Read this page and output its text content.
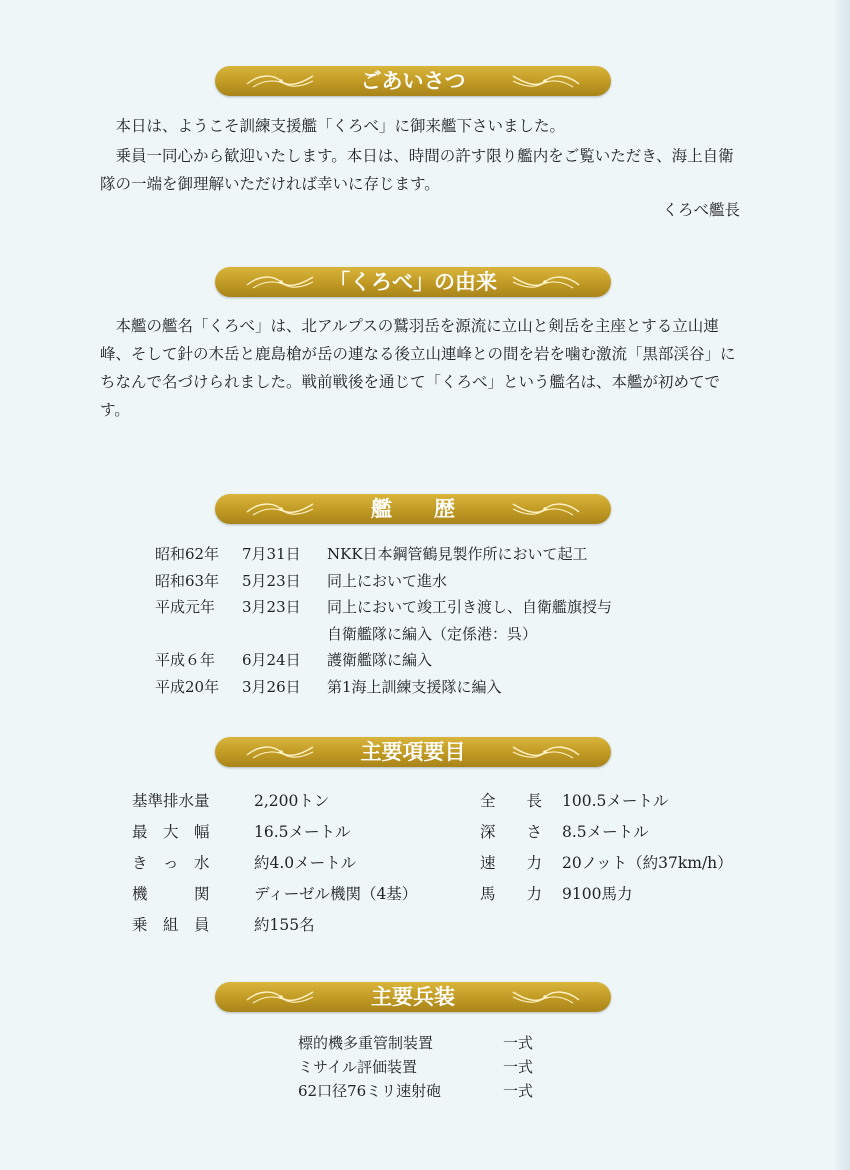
ごあいさつ

本日は、ようこそ訓練支援艦「くろべ」に御来艦下さいました。

乗員一同心から歓迎いたします。本日は、時間の許す限り艦内をご覧いただき、海上自衛隊の一端を御理解いただければ幸いに存じます。

くろべ艦長
「くろべ」の由来

本艦の艦名「くろべ」は、北アルプスの鷲羽岳を源流に立山と剣岳を主座とする立山連峰、そして針の木岳と鹿島槍が岳の連なる後立山連峰との間を岩を噛む激流「黒部渓谷」にちなんで名づけられました。戦前戦後を通じて「くろべ」という艦名は、本艦が初めてです。

艦　　歴
昭和62年	7月31日	NKK日本鋼管鶴見製作所において起工
昭和63年	5月23日	同上において進水
平成元年	3月23日	同上において竣工引き渡し、自衛艦旗授与
自衛艦隊に編入（定係港：呉）
平成６年	6月24日	護衛艦隊に編入
平成20年	3月26日	第1海上訓練支援隊に編入
主要項要目
基準排水量	2,200トン
最　大　幅	16.5メートル
き　っ　水	約4.0メートル
機　　　関	ディーゼル機関（4基）
乗　組　員	約155名
全　　長	100.5メートル
深　　さ	8.5メートル
速　　力	20ノット（約37km/h）
馬　　力	9100馬力
主要兵装
標的機多重管制装置	一式
ミサイル評価装置	一式
62口径76ミリ速射砲	一式
